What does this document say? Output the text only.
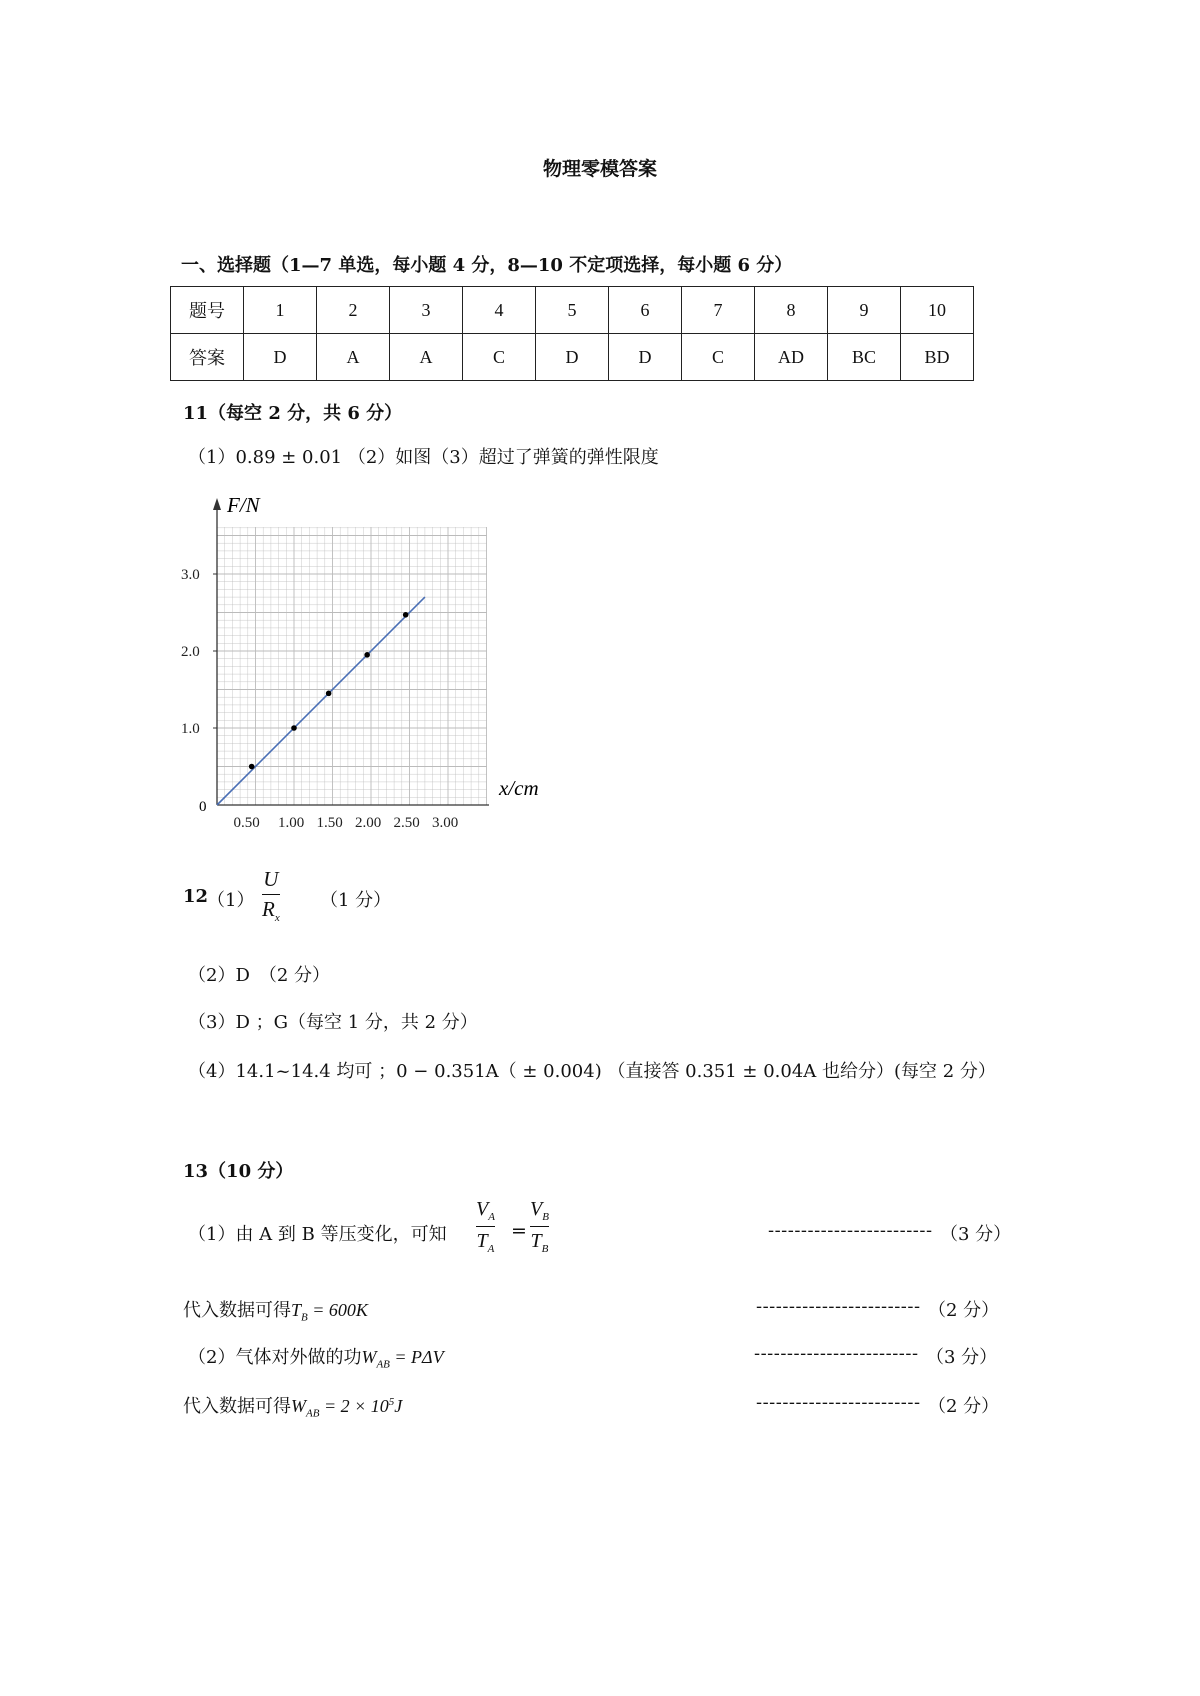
物理零模答案
一、选择题（1—7 单选，每小题 4 分，8—10 不定项选择，每小题 6 分）
题号	1	2	3	4	5	6	7	8	9	10
答案	D	A	A	C	D	D	C	AD	BC	BD
11（每空 2 分，共 6 分）
（1）0.89 ± 0.01 （2）如图（3）超过了弹簧的弹性限度
0.50 1.00 1.50 2.00 2.50 3.00
1.0
2.0
3.0
F/N
x/cm
0
12
（1）
U
$R_x$
（1 分）
（2）D　（2 分）
（3）D ；G（每空 1 分，共 2 分）
（4）14.1~14.4 均可 ；0 − 0.351A（ ± 0.004) （直接答 0.351 ± 0.04A 也给分）(每空 2 分）
13（10 分）
（1）由 A 到 B 等压变化，可知
$V_A$
$T_A$
=
$V_B$
$T_B$
------------------------- （3 分）
代入数据可得$T_B = 600K$	------------------------- （2 分）
（2）气体对外做的功$W_{AB} = P\Delta V$	------------------------- （3 分）
代入数据可得$W_{AB} = 2 \times 10^5J$	------------------------- （2 分）
